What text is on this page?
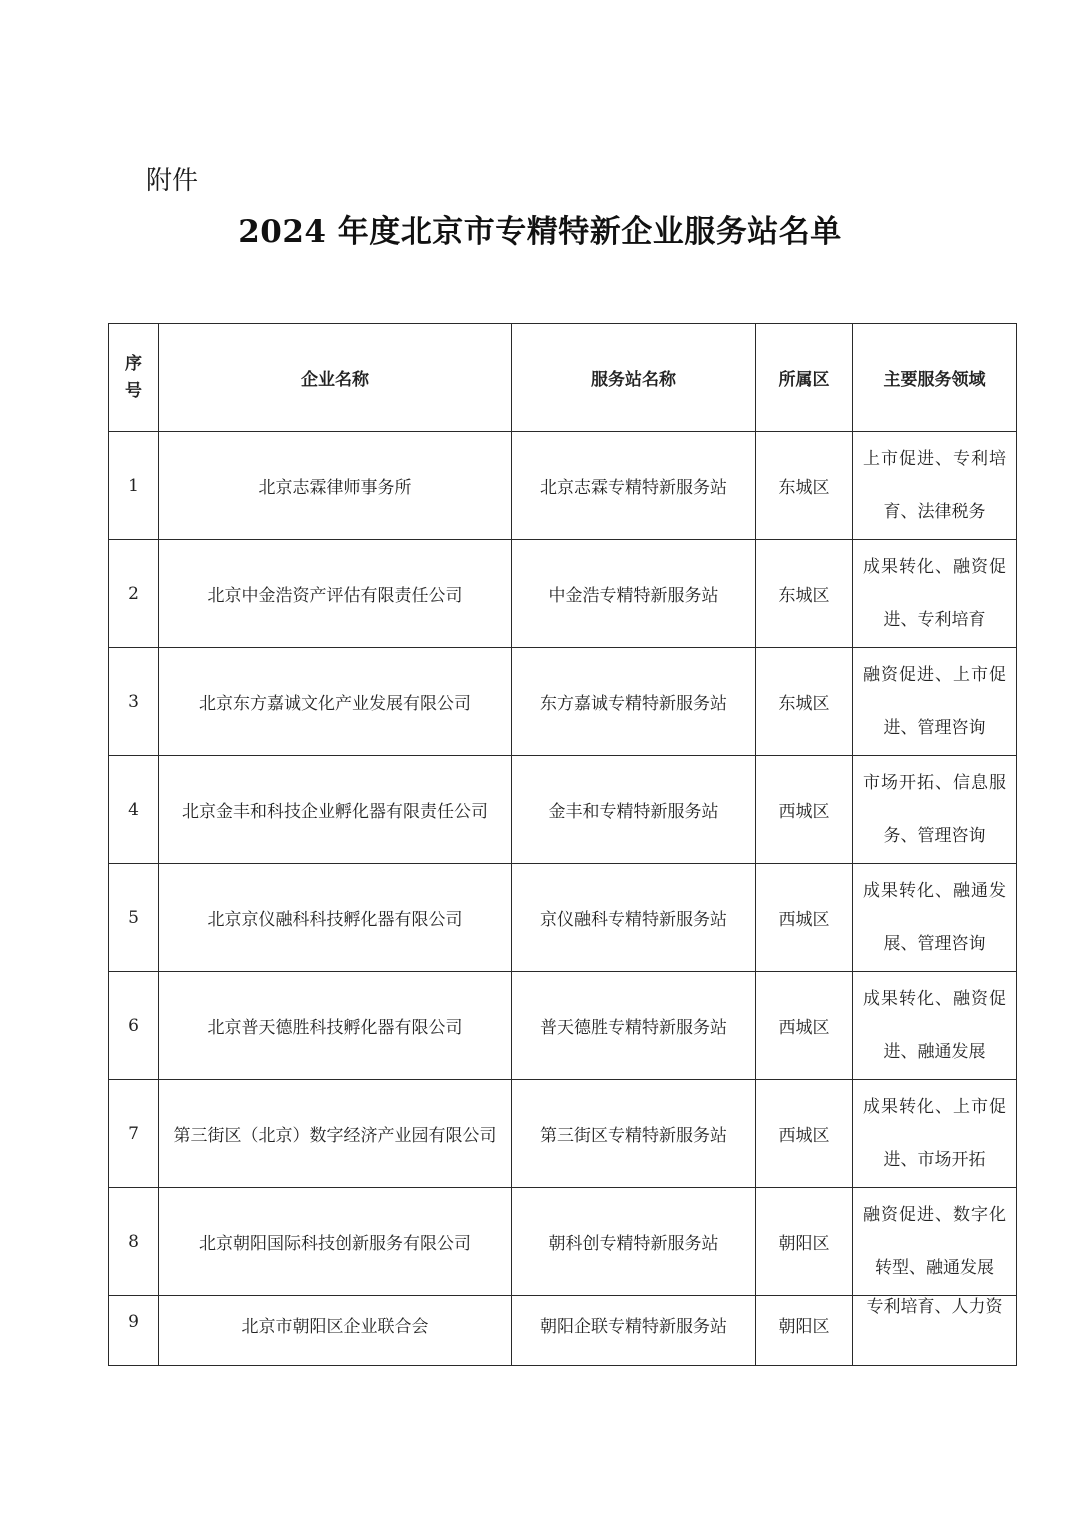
附件
2024 年度北京市专精特新企业服务站名单
序号	企业名称	服务站名称	所属区	主要服务领域
1	北京志霖律师事务所	北京志霖专精特新服务站	东城区	上市促进、专利培育、法律税务

2	北京中金浩资产评估有限责任公司	中金浩专精特新服务站	东城区	成果转化、融资促进、专利培育

3	北京东方嘉诚文化产业发展有限公司	东方嘉诚专精特新服务站	东城区	融资促进、上市促进、管理咨询

4	北京金丰和科技企业孵化器有限责任公司	金丰和专精特新服务站	西城区	市场开拓、信息服务、管理咨询

5	北京京仪融科科技孵化器有限公司	京仪融科专精特新服务站	西城区	成果转化、融通发展、管理咨询

6	北京普天德胜科技孵化器有限公司	普天德胜专精特新服务站	西城区	成果转化、融资促进、融通发展

7	第三街区（北京）数字经济产业园有限公司	第三街区专精特新服务站	西城区	成果转化、上市促进、市场开拓

8	北京朝阳国际科技创新服务有限公司	朝科创专精特新服务站	朝阳区	融资促进、数字化转型、融通发展

9	北京市朝阳区企业联合会	朝阳企联专精特新服务站	朝阳区	专利培育、人力资
